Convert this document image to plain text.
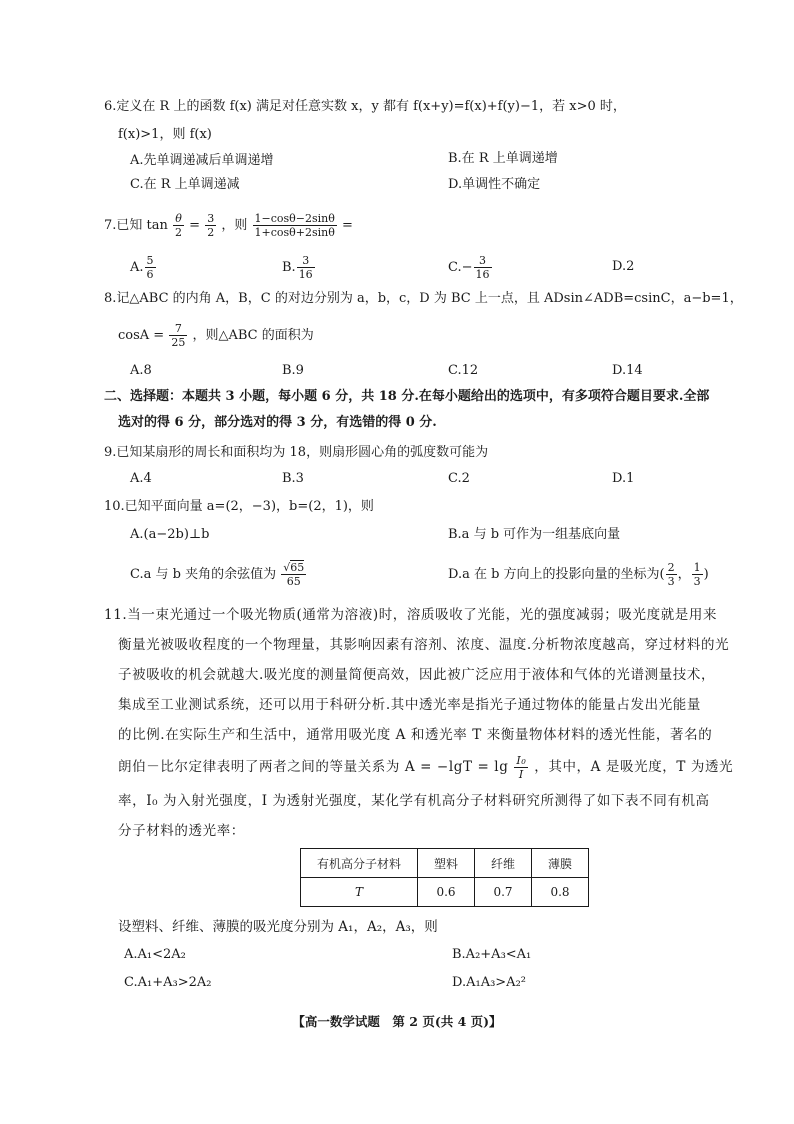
6.定义在 R 上的函数 f(x) 满足对任意实数 x，y 都有 f(x+y)=f(x)+f(y)−1，若 x>0 时，
f(x)>1，则 f(x)
A.先单调递减后单调递增	B.在 R 上单调递增
C.在 R 上单调递减	D.单调性不确定
7.已知 $\tan \frac{\theta}{2} = \frac{3}{2}$ ，则 $\frac{1-\cos\theta-2\sin\theta}{1+\cos\theta+2\sin\theta}$ =
A. $\frac{5}{6}$	B. $\frac{3}{16}$	$C.- \frac{3}{16}$	D.2
8.记△ABC 的内角 A，B，C 的对边分别为 a，b，c，D 为 BC 上一点，且 ADsin∠ADB=csinC，a−b=1，
$\cos A = \frac{7}{25}$ ，则△ABC 的面积为
A.8	B.9	C.12	D.14
二、选择题：本题共 3 小题，每小题 6 分，共 18 分.在每小题给出的选项中，有多项符合题目要求.全部
选对的得 6 分，部分选对的得 3 分，有选错的得 0 分.
9.已知某扇形的周长和面积均为 18，则扇形圆心角的弧度数可能为
A.4	B.3	C.2	D.1
10.已知平面向量 a=(2，−3)，b=(2，1)，则
A.(a−2b)⊥b	B.a 与 b 可作为一组基底向量
C.a 与 b 夹角的余弦值为 $\frac{√65}{65}$	D.a 在 b 方向上的投影向量的坐标为( $\frac{2}{3}$ ， $\frac{1}{3}$ )
11.当一束光通过一个吸光物质(通常为溶液)时，溶质吸收了光能，光的强度减弱；吸光度就是用来
衡量光被吸收程度的一个物理量，其影响因素有溶剂、浓度、温度.分析物浓度越高，穿过材料的光
子被吸收的机会就越大.吸光度的测量简便高效，因此被广泛应用于液体和气体的光谱测量技术，
集成至工业测试系统，还可以用于科研分析.其中透光率是指光子通过物体的能量占发出光能量
的比例.在实际生产和生活中，通常用吸光度 A 和透光率 T 来衡量物体材料的透光性能，著名的
朗伯－比尔定律表明了两者之间的等量关系为 $A = -\lg T = \lg \frac{\text{I₀}}{I}$ ，其中，A 是吸光度，T 为透光
率，I₀ 为入射光强度，I 为透射光强度，某化学有机高分子材料研究所测得了如下表不同有机高
分子材料的透光率：
有机高分子材料	塑料	纤维	薄膜
T	0.6	0.7	0.8
设塑料、纤维、薄膜的吸光度分别为 A₁，A₂，A₃，则
A.A₁<2A₂	B.A₂+A₃<A₁
C.A₁+A₃>2A₂	D.A₁A₃>A₂²
【高一数学试题　第 2 页(共 4 页)】
